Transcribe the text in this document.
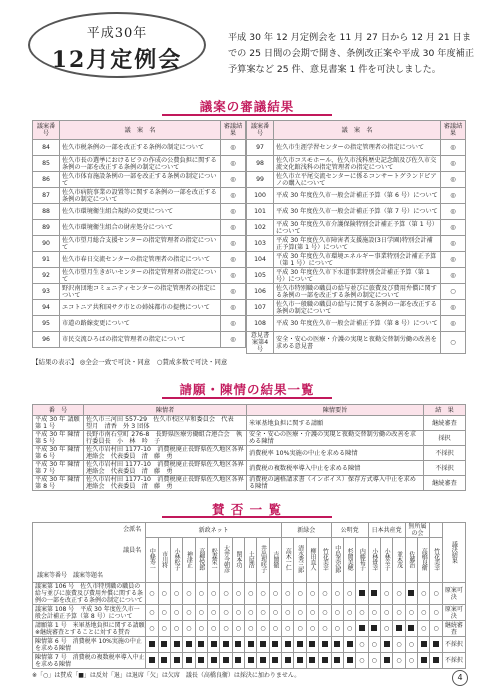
平成30年
12月定例会
平成 30 年 12 月定例会を 11 月 27 日から 12 月 21 日までの 25 日間の会期で開き、条例改正案や平成 30 年度補正予算案など 25 件、意見書案 1 件を可決しました。
議案の審議結果
議案番号	議　案　名	審議結果
84	佐久市税条例の一部を改正する条例の制定について	◎
85	佐久市長の選挙におけるビラの作成の公費負担に関する条例の一部を改正する条例の制定について	◎
86	佐久市体育施設条例の一部を改正する条例の制定について	◎
87	佐久市病院事業の設置等に関する条例の一部を改正する条例の制定について	◎
88	佐久市環境衛生組合規約の変更について	◎
89	佐久市環境衛生組合の財産処分について	◎
90	佐久市望月総合支援センターの指定管理者の指定について	◎
91	佐久市春日交流センターの指定管理者の指定について	◎
92	佐久市望月生きがいセンターの指定管理者の指定について	◎
93	野沢南団地コミュニティセンターの指定管理者の指定について	◎
94	エコトニア共和国サク市との姉妹都市の提携について	◎
95	市道の路線変更について	◎
96	市民交流ひろばの指定管理者の指定について	◎
議案番号	議　案　名	審議結果
97	佐久市生涯学習センターの指定管理者の指定について	◎
98	佐久市コスモホール、佐久市浅科歴史記念館及び佐久市交流文化館浅科の指定管理者の指定について	◎
99	佐久市立平尾交流センターに係るコンサートグランドピアノの購入について	◎
100	平成 30 年度佐久市一般会計補正予算（第 6 号）について	◎
101	平成 30 年度佐久市一般会計補正予算（第 7 号）について	◎
102	平成 30 年度佐久市介護保険特別会計補正予算（第 1 号）について	◎
103	平成 30 年度佐久市障害者支援施設(3日学園)特別会計補正予算(第 1 号）について	◎
104	平成 30 年度佐久市環境エネルギー事業特別会計補正予算（第 1 号）について	◎
105	平成 30 年度佐久市下水道事業特別会計補正予算（第 1 号）について	◎
106	佐久市特別職の職員の給与並びに旅費及び費用弁償に関する条例の一部を改正する条例の制定について	○
107	佐久市一般職の職員の給与に関する条例の一部を改正する条例の制定について	◎
108	平成 30 年度佐久市一般会計補正予算（第 8 号）について	◎
意見書案第4号	安全・安心の医療・介護の実現と夜勤交替制労働の改善を求める意見書	○
【結果の表示】 ◎全会一致で可決・同意　○賛成多数で可決・同意
請願・陳情の結果一覧
番　号	陳情者	陳情要旨	結　果
平成 30 年 請願第 1 号	佐久市三河田 557-29　佐久市校区早和委員会　代表　望月　清香　外 3 団体	米軍基地負担に関する請願	継続審査
平成 30 年 陳情第 5 号	長野市南石堂町 276-8　長野県医療労働組合連合会　執行委員長　小　林　吟　子	安全・安心の医療・介護の実現と夜勤交替制労働の改善を求める陳情	採択
平成 30 年 陳情第 6 号	佐久市岩村田 1177-10　消費税廃止長野県佐久地区各界連絡会　代表委員　清　藤　勇	消費税率 10%実施の中止を求める陳情	不採択
平成 30 年 陳情第 7 号	佐久市岩村田 1177-10　消費税廃止長野県佐久地区各界連絡会　代表委員　清　藤　勇	消費税の複数税率導入中止を求める陳情	不採択
平成 30 年 陳情第 8 号	佐久市岩村田 1177-10　消費税廃止長野県佐久地区各界連絡会　代表委員　清　藤　勇	消費税の適格請求書（インボイス）保存方式導入中止を求める陳情	継続審査
賛 否 一 覧
会派名
議員名
議案等番号　議案等題名	新政ネット											新緑会				公明党			日本共産党			無所属の会			議決結果
	中條寿一	市川将	小林松子	神津正	高柳悦郎	松森栄一	大井今朝彦	関本功	土屋浩	井出理咲子	吉岡徹	高木一仁	清水秀三郎	柳田直人	竹花美幸	中島美次郎	杉岡美穂	内藤祐子	小林貴幸	小林幸子	並木茂	佐藤治	高橋良衛	竹花美幸	
議案第 106 号　佐久市特別職の職員の給与並びに旅費及び費用弁償に関する条例の一部を改正する条例の制定について	○	○	○	○	○	○	○	○	○	○	○	○	○	○	○	○	○			○	○		○	○	原案可決
議案第 108 号　平成 30 年度佐久市一般会計補正予算（第 8 号）について	○	○	○	○	○	○	○	○	○	○	○	○	○	○	○	○	○	○	○	○	○	○	○	○	原案可決
請願第 1 号　米軍基地負担に関する請願 ※継続審査とすることに対する賛否	○	○	○	○	○	○	○	○	○	○	○	○	○	○	○	○	○			○			○	○	継続審査
陳情第 6 号　消費税率 10%実施の中止を求める陳情																		○	○		○	○			不採択
陳情第 7 号　消費税の複数税率導入中止を求める陳情																		○	○		○	○			不採択
※「○」は賛成「■」は反対「退」は退席「欠」は欠席　議長（高橋良衛）は採決に加わりません。	4
